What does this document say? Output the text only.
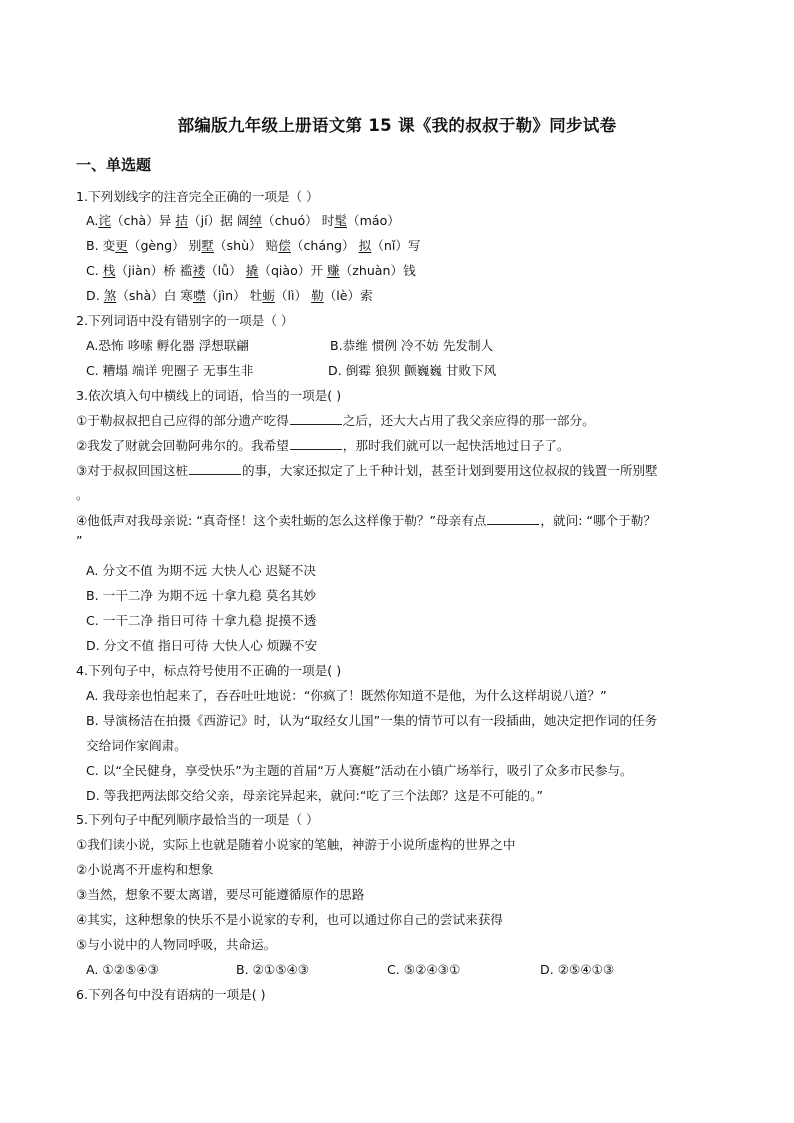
部编版九年级上册语文第 15 课《我的叔叔于勒》同步试卷
一、单选题
1.下列划线字的注音完全正确的一项是（ ）
A.诧（chà）异 拮（jí）据 阔绰（chuó） 时髦（máo）
B. 变更（gèng） 别墅（shù） 赔偿（cháng） 拟（nǐ）写
C. 栈（jiàn）桥 褴褛（lǚ） 撬（qiào）开 赚（zhuàn）钱
D. 煞（shà）白 寒噤（jìn） 牡蛎（lì） 勒（lè）索
2.下列词语中没有错别字的一项是（ ）
A.恐怖 哆嗦 孵化器 浮想联翩	B.恭维 惯例 冷不妨 先发制人
C. 糟塌 端详 兜圈子 无事生非	D. 倒霉 狼狈 颤巍巍 甘败下风
3.依次填入句中横线上的词语，恰当的一项是( )
①于勒叔叔把自己应得的部分遗产吃得	之后，还大大占用了我父亲应得的那一部分。
②我发了财就会回勒阿弗尔的。我希望	，那时我们就可以一起快活地过日子了。
③对于叔叔回国这桩	的事，大家还拟定了上千种计划，甚至计划到要用这位叔叔的钱置一所别墅
。
④他低声对我母亲说: “真奇怪！这个卖牡蛎的怎么这样像于勒？”母亲有点	，就问: “哪个于勒？
”
A. 分文不值 为期不远 大快人心 迟疑不决
B. 一干二净 为期不远 十拿九稳 莫名其妙
C. 一干二净 指日可待 十拿九稳 捉摸不透
D. 分文不值 指日可待 大快人心 烦躁不安
4.下列句子中，标点符号使用不正确的一项是( )
A. 我母亲也怕起来了，吞吞吐吐地说：“你疯了！既然你知道不是他，为什么这样胡说八道？”
B. 导演杨洁在拍摄《西游记》时，认为“取经女儿国”一集的情节可以有一段插曲，她决定把作词的任务
交给词作家阎肃。
C. 以“全民健身，享受快乐”为主题的首届“万人赛艇”活动在小镇广场举行，吸引了众多市民参与。
D. 等我把两法郎交给父亲，母亲诧异起来，就问:“吃了三个法郎？这是不可能的。”
5.下列句子中配列顺序最恰当的一项是（ ）
①我们读小说，实际上也就是随着小说家的笔触，神游于小说所虚构的世界之中
②小说离不开虚构和想象
③当然，想象不要太离谱，要尽可能遵循原作的思路
④其实，这种想象的快乐不是小说家的专利，也可以通过你自己的尝试来获得
⑤与小说中的人物同呼吸，共命运。
A. ①②⑤④③	B. ②①⑤④③	C. ⑤②④③①	D. ②⑤④①③
6.下列各句中没有语病的一项是( )
